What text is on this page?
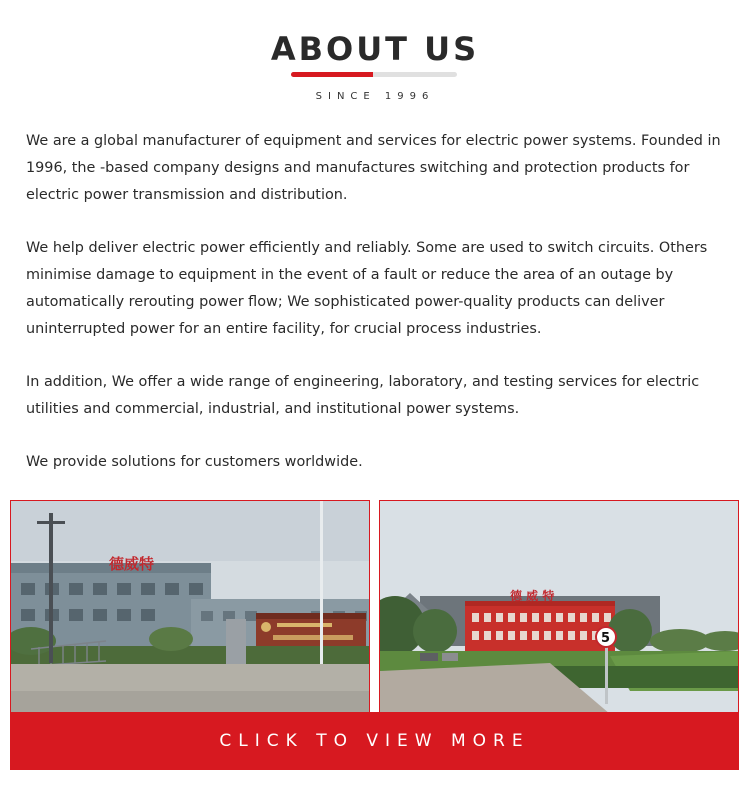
ABOUT US
SINCE 1996

We are a global manufacturer of equipment and services for electric power systems. Founded in 1996, the -based company designs and manufactures switching and protection products for electric power transmission and distribution.

We help deliver electric power efficiently and reliably. Some are used to switch circuits. Others minimise damage to equipment in the event of a fault or reduce the area of an outage by automatically rerouting power flow; We sophisticated power-quality products can deliver uninterrupted power for an entire facility, for crucial process industries.

In addition, We offer a wide range of engineering, laboratory, and testing services for electric utilities and commercial, industrial, and institutional power systems.

We provide solutions for customers worldwide.

德威特
德 威 特
5
CLICK TO VIEW MORE
